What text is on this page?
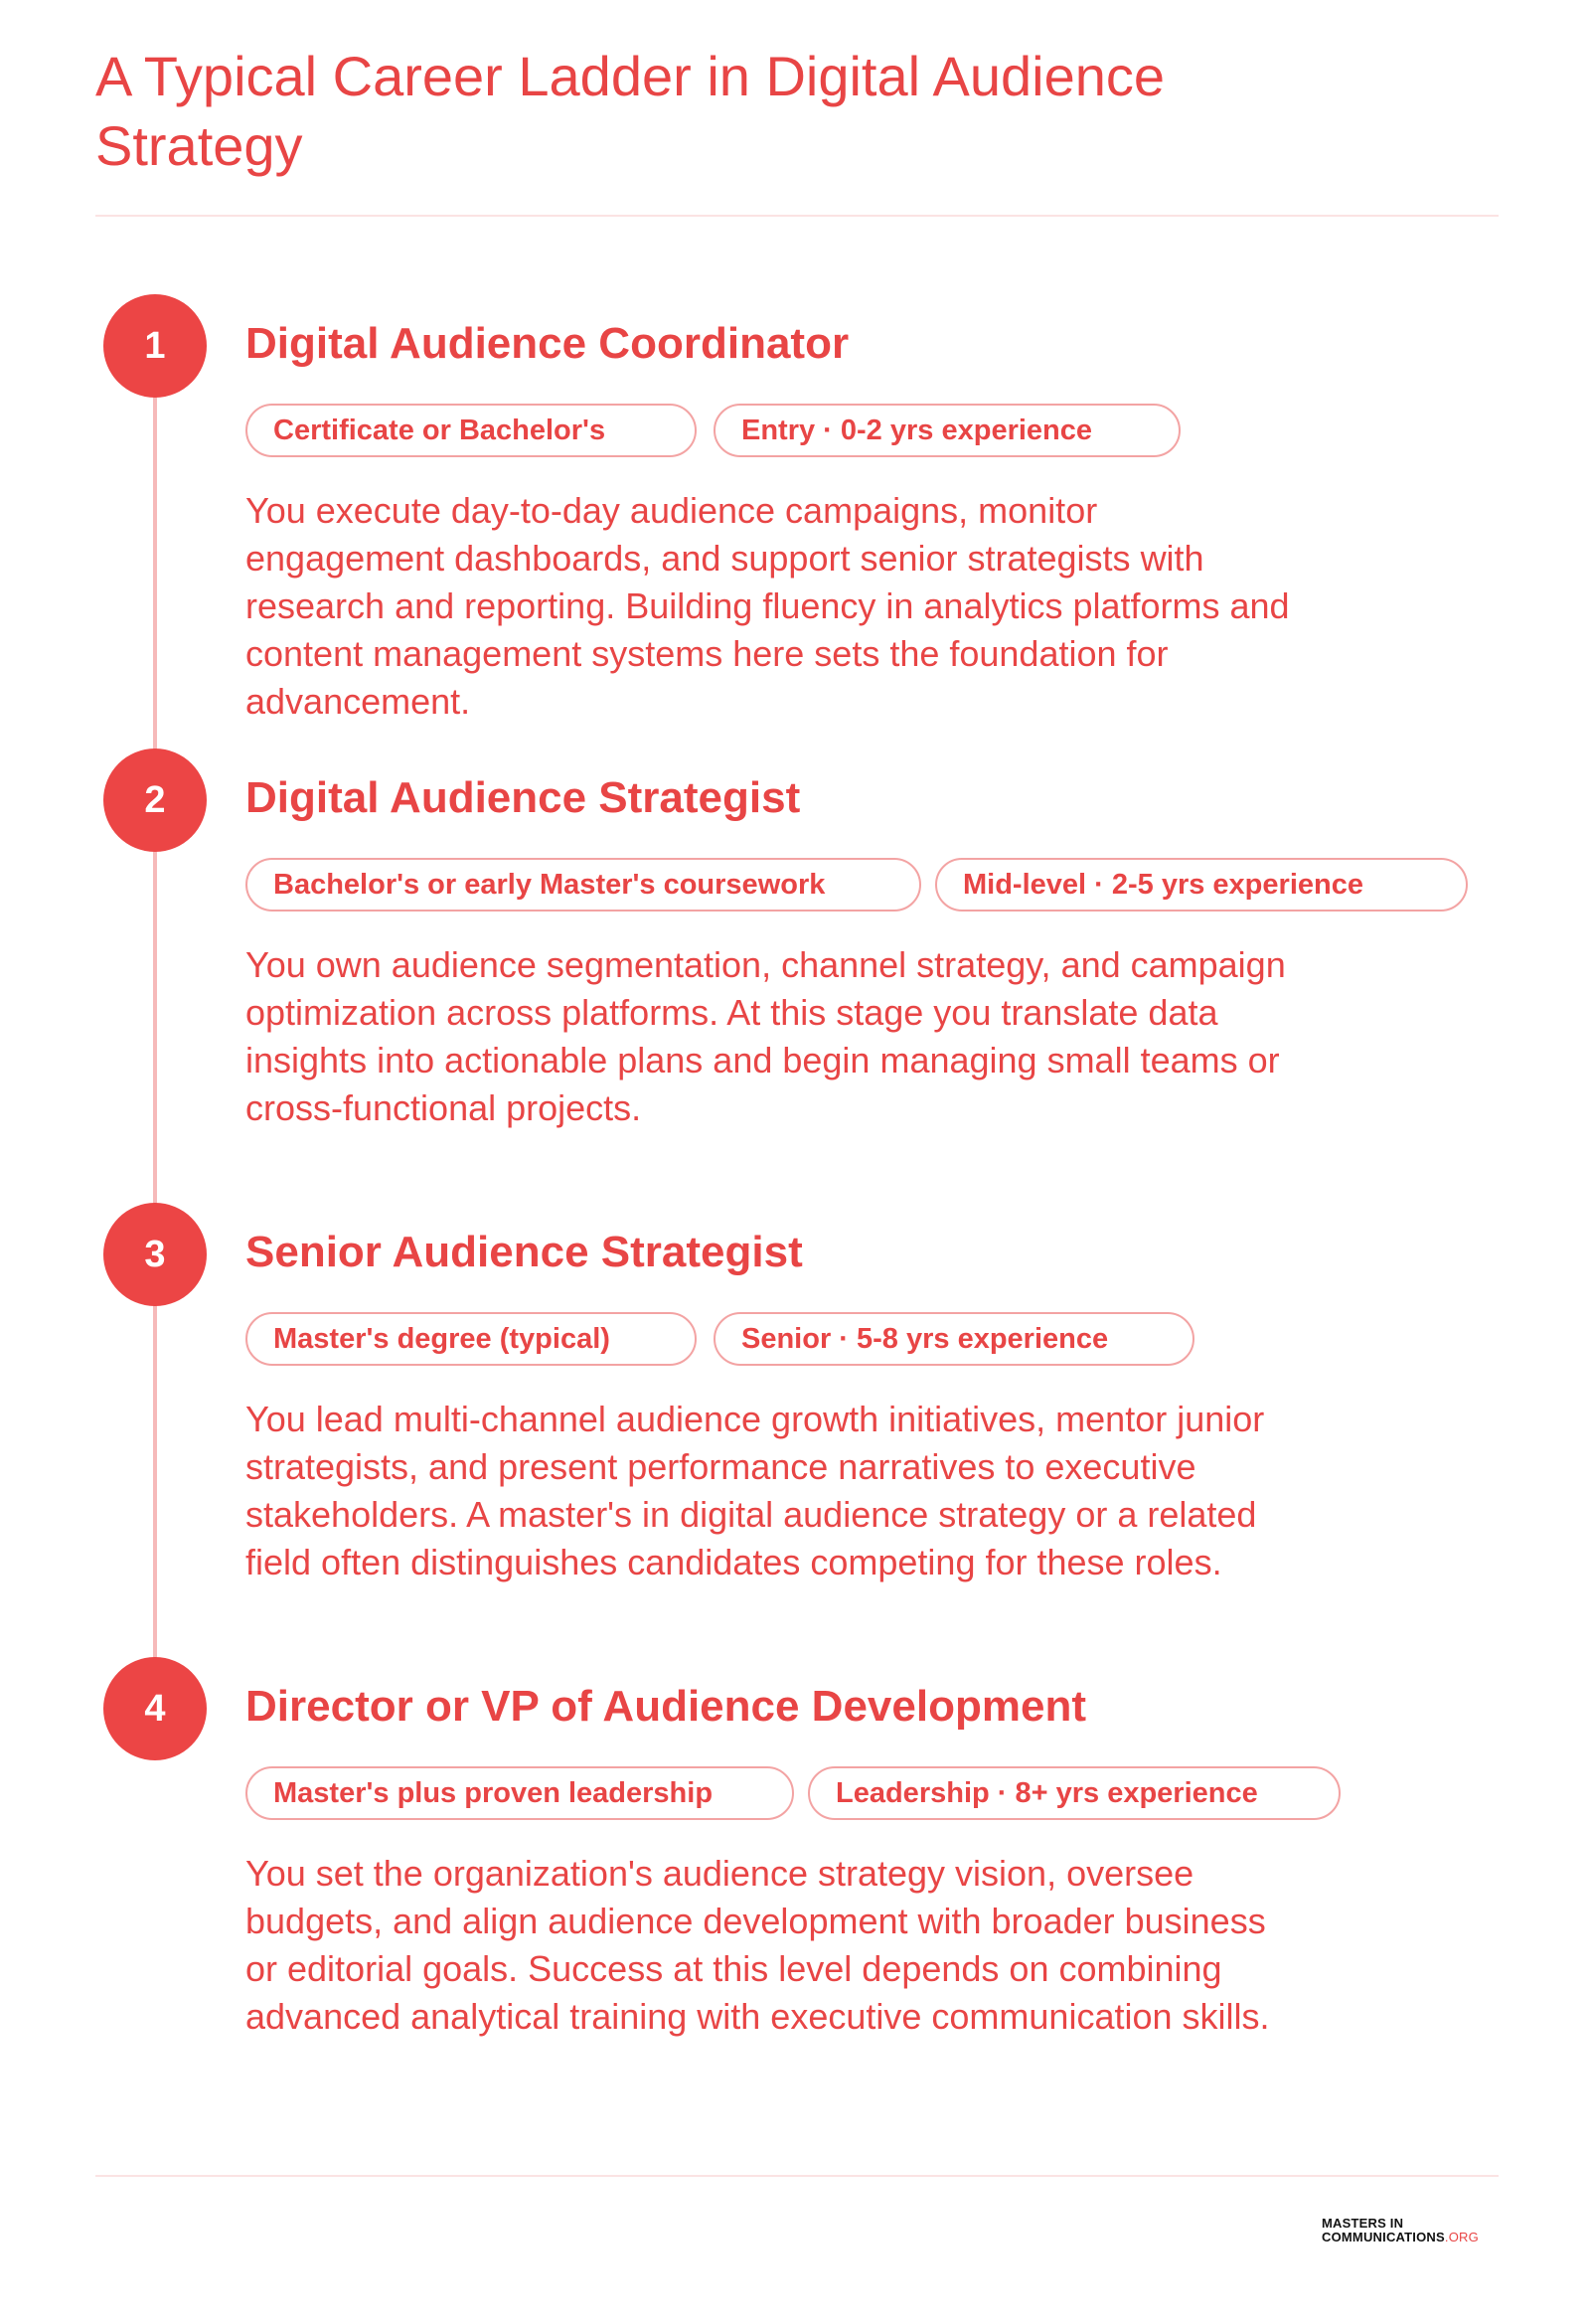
A Typical Career Ladder in Digital Audience Strategy
1	Digital Audience Coordinator
Certificate or Bachelor's	Entry · 0-2 yrs experience

You execute day-to-day audience campaigns, monitor engagement dashboards, and support senior strategists with research and reporting. Building fluency in analytics platforms and content management systems here sets the foundation for advancement.

2	Digital Audience Strategist
Bachelor's or early Master's coursework	Mid-level · 2-5 yrs experience

You own audience segmentation, channel strategy, and campaign optimization across platforms. At this stage you translate data insights into actionable plans and begin managing small teams or cross-functional projects.

3	Senior Audience Strategist
Master's degree (typical)	Senior · 5-8 yrs experience

You lead multi-channel audience growth initiatives, mentor junior strategists, and present performance narratives to executive stakeholders. A master's in digital audience strategy or a related field often distinguishes candidates competing for these roles.

4	Director or VP of Audience Development
Master's plus proven leadership	Leadership · 8+ yrs experience

You set the organization's audience strategy vision, oversee budgets, and align audience development with broader business or editorial goals. Success at this level depends on combining advanced analytical training with executive communication skills.

MASTERS IN
COMMUNICATIONS.ORG
